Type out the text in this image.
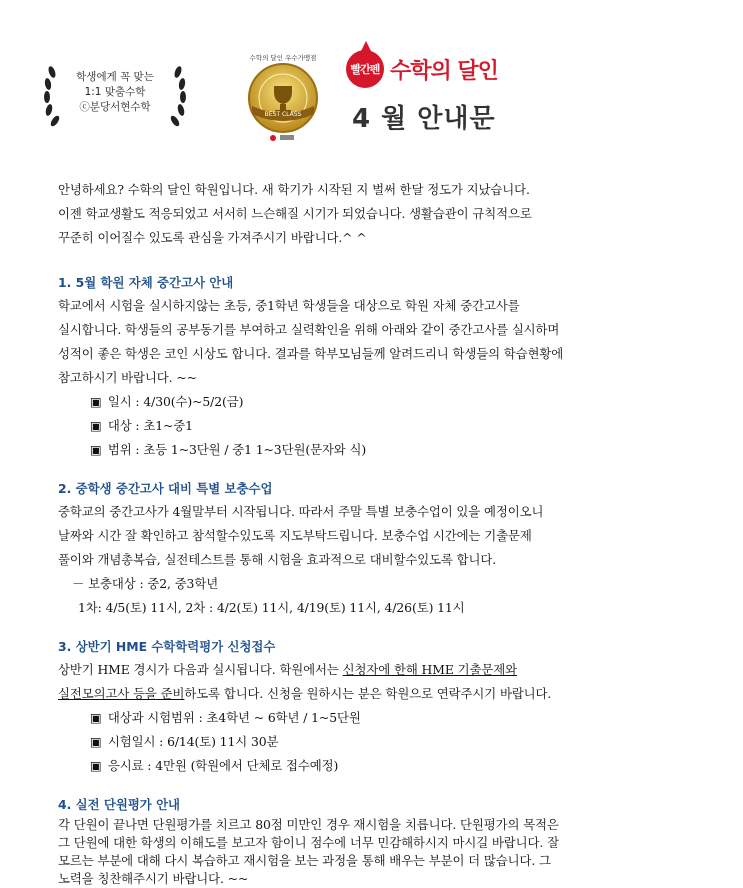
학생에게 꼭 맞는
1:1 맞춤수학
ⓒ분당서현수학
BEST CLASS
수학의 달인 우수가맹점
빨간펜 수학의 달인
4 월 안내문
안녕하세요? 수학의 달인 학원입니다. 새 학기가 시작된 지 벌써 한달 정도가 지났습니다.
이젠 학교생활도 적응되었고 서서히 느슨해질 시기가 되었습니다. 생활습관이 규칙적으로
꾸준히 이어질수 있도록 관심을 가져주시기 바랍니다.^ ^
1. 5월 학원 자체 중간고사 안내
학교에서 시험을 실시하지않는 초등, 중1학년 학생들을 대상으로 학원 자체 중간고사를
실시합니다. 학생들의 공부동기를 부여하고 실력확인을 위해 아래와 같이 중간고사를 실시하며
성적이 좋은 학생은 코인 시상도 합니다. 결과를 학부모님들께 알려드리니 학생들의 학습현황에
참고하시기 바랍니다. ~~
▣ 일시 : 4/30(수)~5/2(금)
▣ 대상 : 초1~중1
▣ 범위 : 초등 1~3단원 / 중1 1~3단원(문자와 식)
2. 중학생 중간고사 대비 특별 보충수업
중학교의 중간고사가 4월말부터 시작됩니다. 따라서 주말 특별 보충수업이 있을 예정이오니
날짜와 시간 잘 확인하고 참석할수있도록 지도부탁드립니다. 보충수업 시간에는 기출문제
풀이와 개념총복습, 실전테스트를 통해 시험을 효과적으로 대비할수있도록 합니다.
－ 보충대상 : 중2, 중3학년
1차: 4/5(토) 11시, 2차 : 4/2(토) 11시, 4/19(토) 11시, 4/26(토) 11시
3. 상반기 HME 수학학력평가 신청접수
상반기 HME 경시가 다음과 실시됩니다. 학원에서는 신청자에 한해 HME 기출문제와
실전모의고사 등을 준비하도록 합니다. 신청을 원하시는 분은 학원으로 연락주시기 바랍니다.
▣ 대상과 시험범위 : 초4학년 ~ 6학년 / 1~5단원
▣ 시험일시 : 6/14(토) 11시 30분
▣ 응시료 : 4만원 (학원에서 단체로 접수예정)
4. 실전 단원평가 안내
각 단원이 끝나면 단원평가를 치르고 80점 미만인 경우 재시험을 치릅니다. 단원평가의 목적은
그 단원에 대한 학생의 이해도를 보고자 함이니 점수에 너무 민감해하시지 마시길 바랍니다. 잘
모르는 부분에 대해 다시 복습하고 재시험을 보는 과정을 통해 배우는 부분이 더 많습니다. 그
노력을 칭찬해주시기 바랍니다. ~~
